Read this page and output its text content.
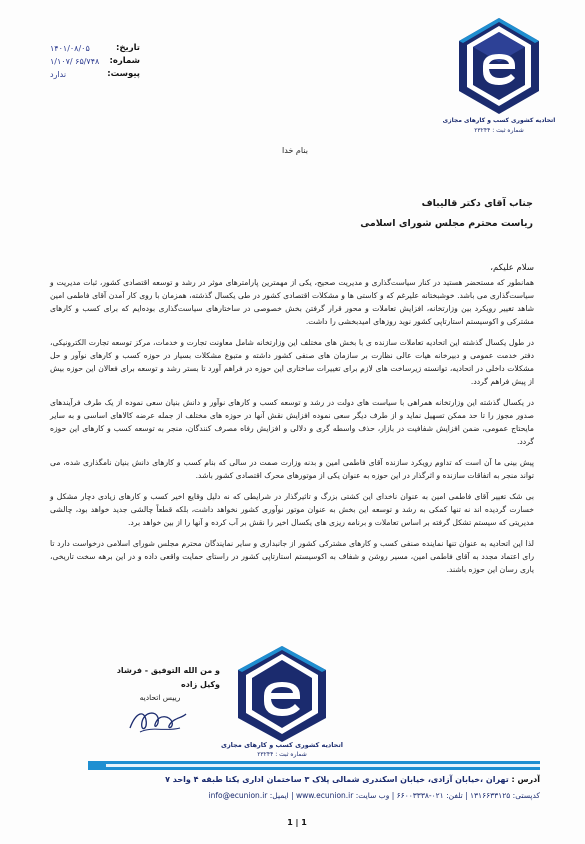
اتحادیه کشوری کسب و کارهای مجازی
شماره ثبت : ۲۳۲۴۴
تاریخ:
۱۴۰۱/۰۸/۰۵
شماره:
۶۵/۷۴۸ /۱/۱۰۷
پیوست:
ندارد
بنام خدا
جناب آقای دکتر قالیباف
ریاست محترم مجلس شورای اسلامی
سلام علیکم،

همانطور که مستحضر هستید در کنار سیاست‌گذاری و مدیریت صحیح، یکی از مهمترین پارامترهای موثر در رشد و توسعه اقتصادی کشور، ثبات مدیریت و سیاست‌گذاری می باشد. خوشبختانه علیرغم که و کاستی ها و مشکلات اقتصادی کشور در طی یکسال گذشته، همزمان با روی کار آمدن آقای فاطمی امین شاهد تغییر رویکرد بین وزارتخانه، افزایش تعاملات و محور قرار گرفتن بخش خصوصی در ساختارهای سیاست‌گذاری بوده‌ایم که برای کسب و کارهای مشترکی و اکوسیستم استارتاپی کشور نوید روزهای امیدبخشی را داشت.

در طول یکسال گذشته این اتحادیه تعاملات سازنده ی با بخش های مختلف این وزارتخانه شامل معاونت تجارت و خدمات، مرکز توسعه تجارت الکترونیکی، دفتر خدمت عمومی و دبیرخانه هیات عالی نظارت بر سازمان های صنفی کشور داشته و متبوع مشکلات بسیار در حوزه کسب و کارهای نوآور و حل مشکلات داخلی در اتحادیه، توانسته زیرساخت های لازم برای تغییرات ساختاری این حوزه در فراهم آورد تا بستر رشد و توسعه برای فعالان این حوزه بیش از پیش فراهم گردد.

در یکسال گذشته این وزارتخانه همراهی با سیاست های دولت در رشد و توسعه کسب و کارهای نوآور و دانش بنیان سعی نموده از یک طرف فرآیندهای صدور مجوز را تا حد ممکن تسهیل نماید و از طرف دیگر سعی نموده افزایش نقش آنها در حوزه های مختلف از جمله عرضه کالاهای اساسی و به سایر مایحتاج عمومی، ضمن افزایش شفافیت در بازار، حذف واسطه گری و دلالی و افزایش رفاه مصرف کنندگان، منجر به توسعه کسب و کارهای این حوزه گردد.

پیش بینی ما آن است که تداوم رویکرد سازنده آقای فاطمی امین و بدنه وزارت صمت در سالی که بنام کسب و کارهای دانش بنیان نامگذاری شده، می تواند منجر به اتفاقات سازنده و اثرگذار در این حوزه به عنوان یکی از موتورهای محرک اقتصادی کشور باشد.

بی شک تغییر آقای فاطمی امین به عنوان ناخدای این کشتی بزرگ و تاثیرگذار در شرایطی که نه دلیل وقایع اخیر کسب و کارهای زیادی دچار مشکل و خسارت گردیده اند نه تنها کمکی به رشد و توسعه این بخش به عنوان موتور نوآوری کشور نخواهد داشت، بلکه قطعاً چالشی جدید خواهد بود، چالشی مدیریتی که سیستم تشکل گرفته بر اساس تعاملات و برنامه ریزی های یکسال اخیر را نقش بر آب کرده و آنها را از بین خواهد برد.

لذا این اتحادیه به عنوان تنها نماینده صنفی کسب و کارهای مشترکی کشور از جانبداری و سایر نمایندگان محترم مجلس شورای اسلامی درخواست دارد تا رای اعتماد مجدد به آقای فاطمی امین، مسیر روشن و شفاف به اکوسیستم استارتاپی کشور در راستای حمایت واقعی داده و در این برهه سخت تاریخی، یاری رسان این حوزه باشند.

و من الله التوفیق - فرشاد وکیل زاده
رییس اتحادیه
اتحادیه کشوری کسب و کارهای مجازی
شماره ثبت : ۲۳۲۴۴
آدرس : تهران ،خیابان آزادی، خیابان اسکندری شمالی پلاک ۳ ساختمان اداری یکتا طبقه ۴ واحد ۷
کدپستی: ۱۳۱۶۶۳۳۱۲۵ | تلفن: ۰۲۱-۶۶۰۰۳۳۳۸ | وب سایت: www.ecunion.ir | ایمیل: info@ecunion.ir
1 | 1
